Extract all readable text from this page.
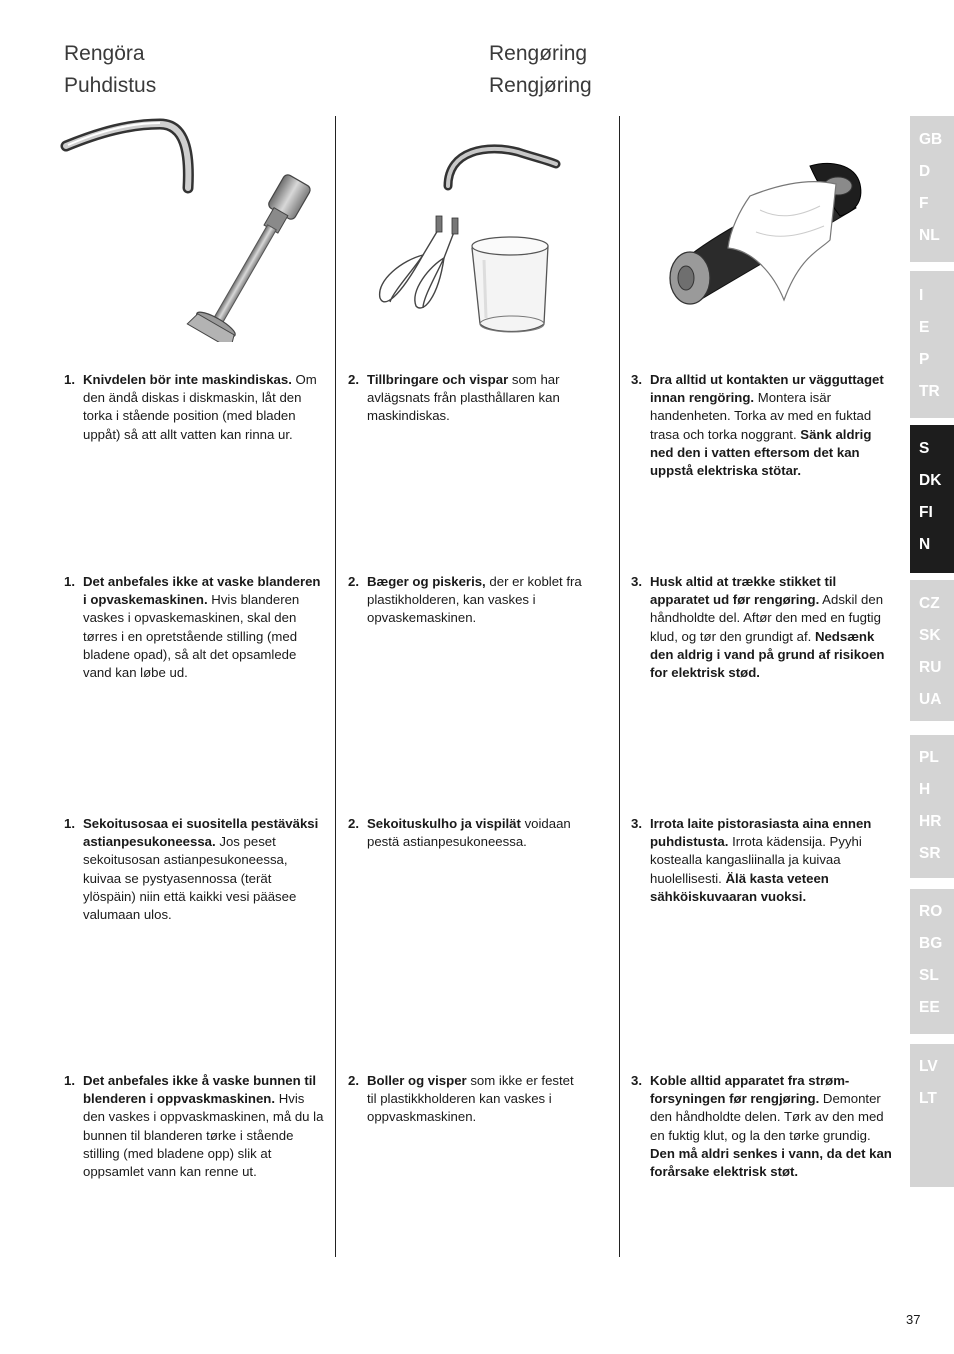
Rengöra
Puhdistus
Rengøring
Rengjøring
1. Knivdelen bör inte maskindiskas. Om den ändå diskas i diskmaskin, låt den torka i stående position (med bladen uppåt) så att allt vatten kan rinna ur.
2. Tillbringare och vispar som har avlägsnats från plasthållaren kan maskindiskas.
3. Dra alltid ut kontakten ur vägguttaget innan rengöring. Montera isär handenheten. Torka av med en fuktad trasa och torka noggrant. Sänk aldrig ned den i vatten eftersom det kan uppstå elektriska stötar.
1. Det anbefales ikke at vaske blanderen i opvaskemaskinen. Hvis blanderen vaskes i opvaskemaskinen, skal den tørres i en opretstående stilling (med bladene opad), så alt det opsamlede vand kan løbe ud.
2. Bæger og piskeris, der er koblet fra plastikholderen, kan vaskes i opvaskemaskinen.
3. Husk altid at trække stikket til apparatet ud før rengøring. Adskil den håndholdte del. Aftør den med en fugtig klud, og tør den grundigt af. Nedsænk den aldrig i vand på grund af risikoen for elektrisk stød.
1. Sekoitusosaa ei suositella pestäväksi astianpesukoneessa. Jos peset sekoitusosan astianpesukoneessa, kuivaa se pystyasennossa (terät ylöspäin) niin että kaikki vesi pääsee valumaan ulos.
2. Sekoituskulho ja vispilät voidaan pestä astianpesukoneessa.
3. Irrota laite pistorasiasta aina ennen puhdistusta. Irrota kädensija. Pyyhi kostealla kangasliinalla ja kuivaa huolellisesti. Älä kasta veteen sähköiskuvaaran vuoksi.
1. Det anbefales ikke å vaske bunnen til blenderen i oppvaskmaskinen. Hvis den vaskes i oppvaskmaskinen, må du la bunnen til blanderen tørke i stående stilling (med bladene opp) slik at oppsamlet vann kan renne ut.
2. Boller og visper som ikke er festet til plastikkholderen kan vaskes i oppvaskmaskinen.
3. Koble alltid apparatet fra strømforsyningen før rengjøring. Demonter den håndholdte delen. Tørk av den med en fuktig klut, og la den tørke grundig. Den må aldri senkes i vann, da det kan forårsake elektrisk støt.
GB
D
F
NL
I
E
P
TR
S
DK
FI
N
CZ
SK
RU
UA
PL
H
HR
SR
RO
BG
SL
EE
LV
LT
37
